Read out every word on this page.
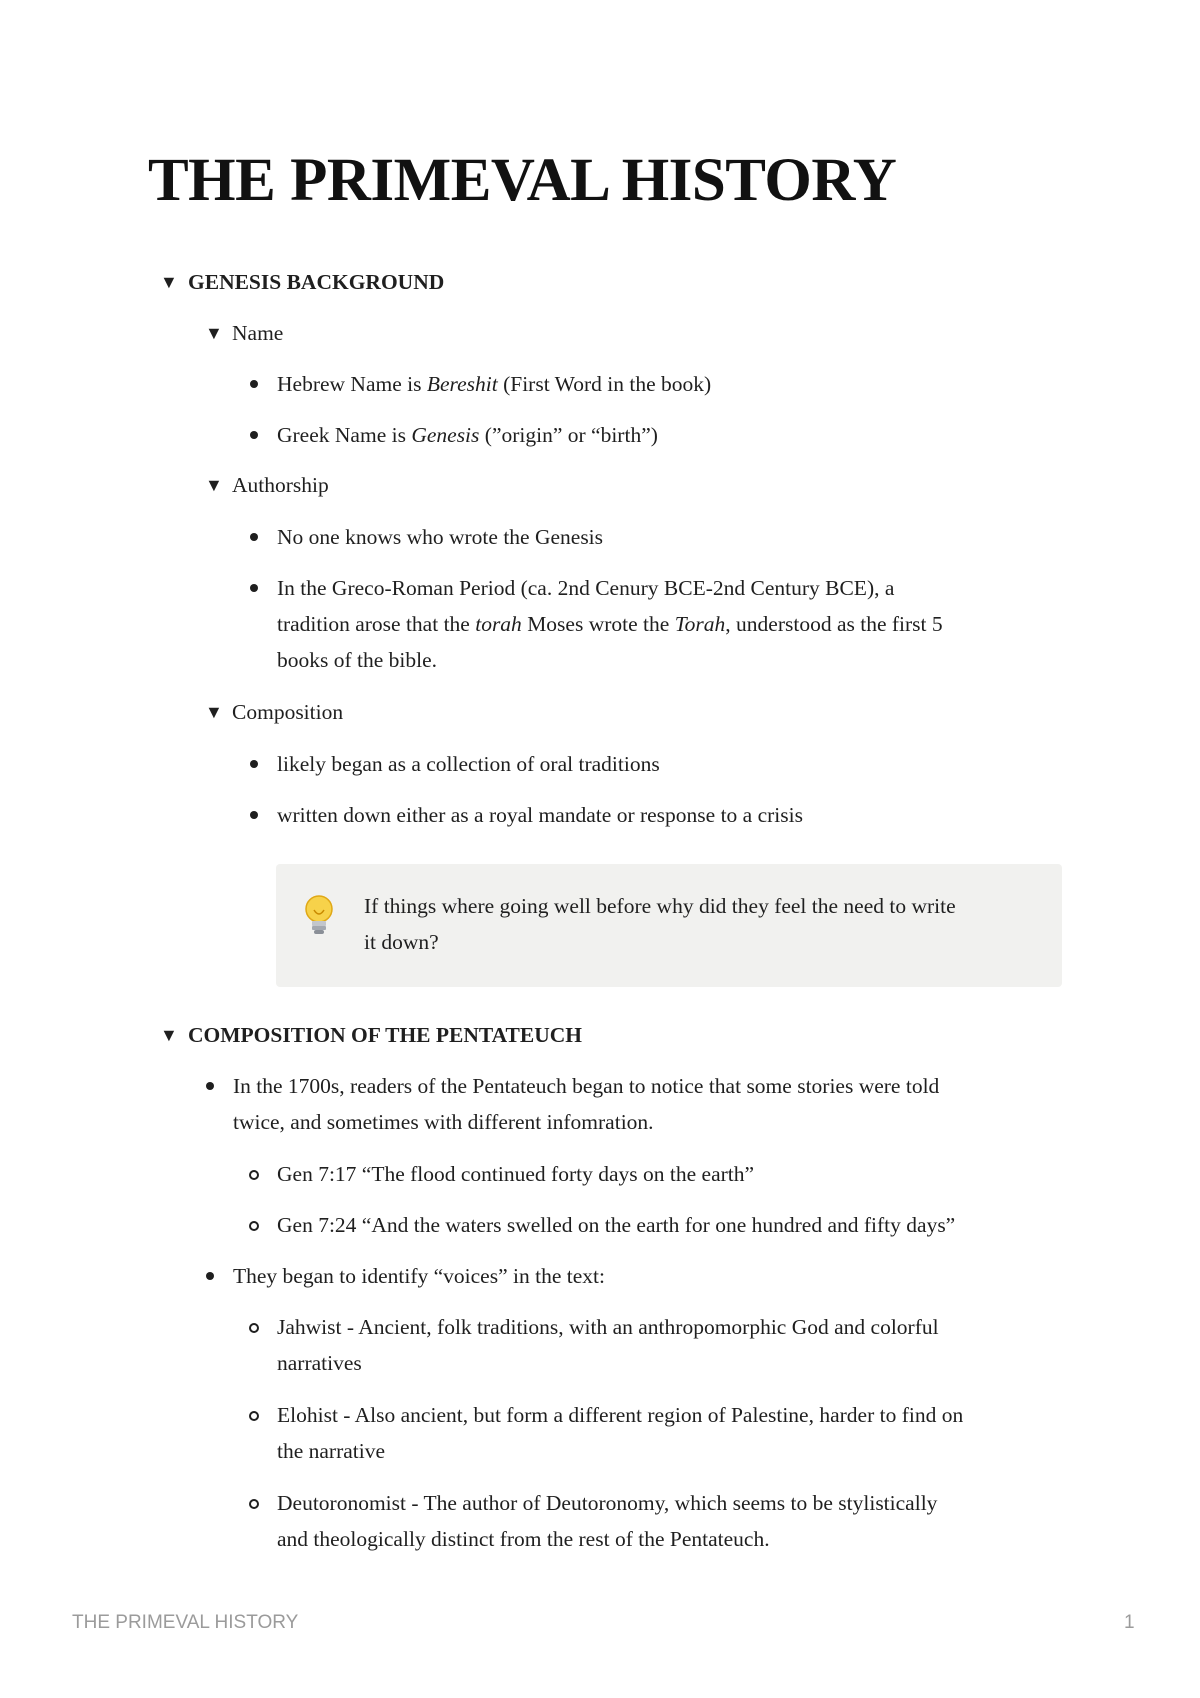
THE PRIMEVAL HISTORY
▼ GENESIS BACKGROUND
▼ Name
Hebrew Name is Bereshit (First Word in the book)
Greek Name is Genesis (”origin” or “birth”)
▼ Authorship
No one knows who wrote the Genesis
In the Greco-Roman Period (ca. 2nd Cenury BCE-2nd Century BCE), a
tradition arose that the torah Moses wrote the Torah, understood as the first 5
books of the bible.
▼ Composition
likely began as a collection of oral traditions
written down either as a royal mandate or response to a crisis
If things where going well before why did they feel the need to write
it down?
▼ COMPOSITION OF THE PENTATEUCH
In the 1700s, readers of the Pentateuch began to notice that some stories were told
twice, and sometimes with different infomration.
Gen 7:17 “The flood continued forty days on the earth”
Gen 7:24 “And the waters swelled on the earth for one hundred and fifty days”
They began to identify “voices” in the text:
Jahwist - Ancient, folk traditions, with an anthropomorphic God and colorful
narratives
Elohist - Also ancient, but form a different region of Palestine, harder to find on
the narrative
Deutoronomist - The author of Deutoronomy, which seems to be stylistically
and theologically distinct from the rest of the Pentateuch.
THE PRIMEVAL HISTORY	1
